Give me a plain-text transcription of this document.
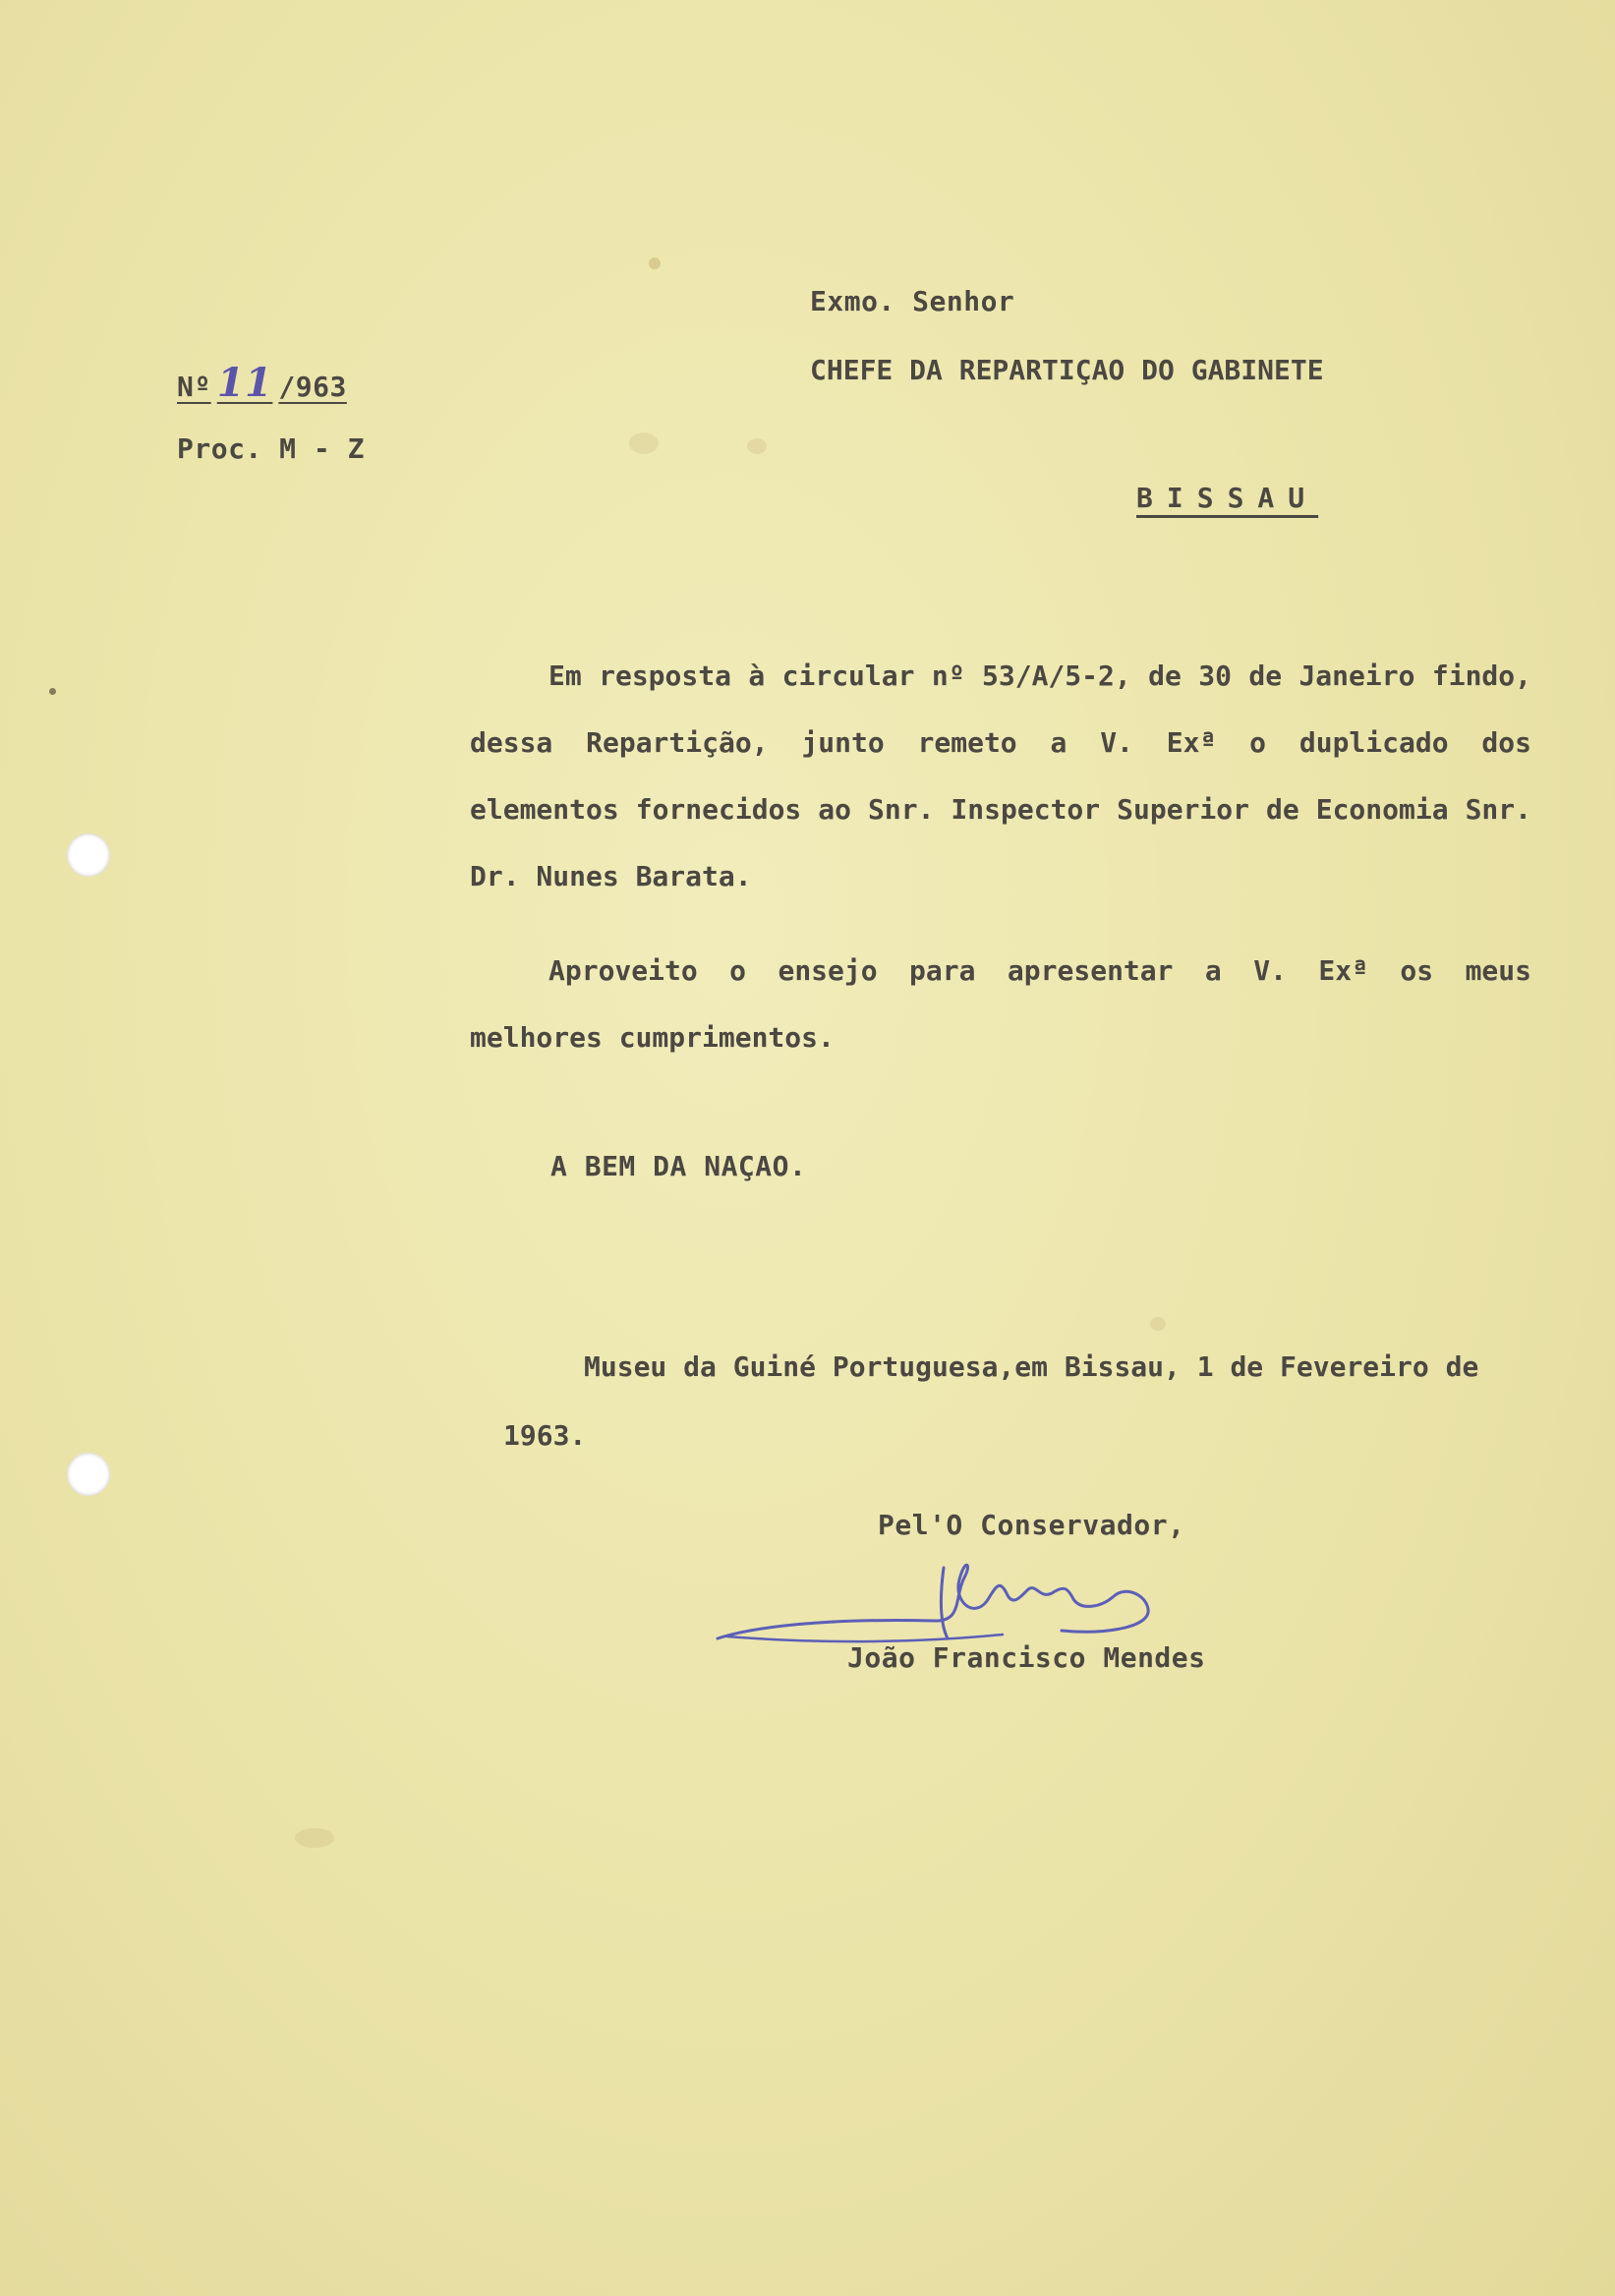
Nº 11 /963
Proc. M - Z
Exmo. Senhor
CHEFE DA REPARTIÇAO DO GABINETE
BISSAU
Em resposta à circular nº 53/A/5-2, de 30 de Janeiro findo, dessa Repartição, junto remeto a V. Exª o duplicado dos elementos fornecidos ao Snr. Inspector Superior de Economia Snr. Dr. Nunes Barata.
Aproveito o ensejo para apresentar a V. Exª os meus melhores cumprimentos.
A BEM DA NAÇAO.
Museu da Guiné Portuguesa,em Bissau, 1 de Fevereiro de 1963.
Pel'O Conservador,
João Francisco Mendes
